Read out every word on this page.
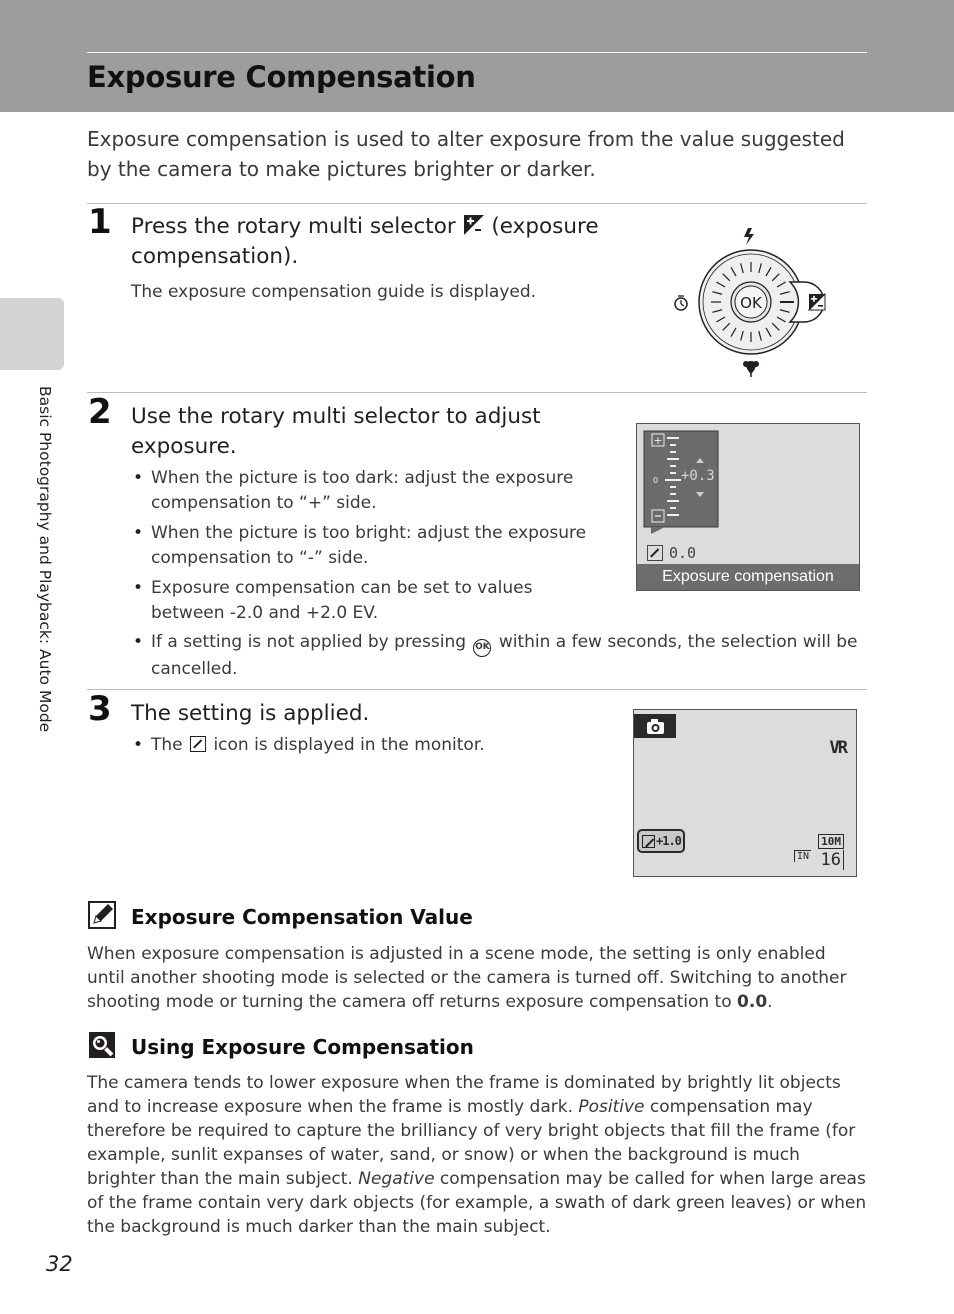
Exposure Compensation
Basic Photography and Playback: Auto Mode

Exposure compensation is used to alter exposure from the value suggested by the camera to make pictures brighter or darker.

1 Press the rotary multi selector (exposure compensation).

The exposure compensation guide is displayed.
OK
2 Use the rotary multi selector to adjust exposure.

• When the picture is too dark: adjust the exposure compensation to “+” side.
• When the picture is too bright: adjust the exposure compensation to “-” side.
• Exposure compensation can be set to values between -2.0 and +2.0 EV.
• If a setting is not applied by pressing OK within a few seconds, the selection will be cancelled.
+
0 +0.3
0.0
Exposure compensation
3 The setting is applied.

• The icon is displayed in the monitor.	VR
+1.0	10M
IN 16
Exposure Compensation Value

When exposure compensation is adjusted in a scene mode, the setting is only enabled until another shooting mode is selected or the camera is turned off. Switching to another shooting mode or turning the camera off returns exposure compensation to 0.0.

Using Exposure Compensation

The camera tends to lower exposure when the frame is dominated by brightly lit objects and to increase exposure when the frame is mostly dark. Positive compensation may therefore be required to capture the brilliancy of very bright objects that fill the frame (for example, sunlit expanses of water, sand, or snow) or when the background is much brighter than the main subject. Negative compensation may be called for when large areas of the frame contain very dark objects (for example, a swath of dark green leaves) or when the background is much darker than the main subject.

32
